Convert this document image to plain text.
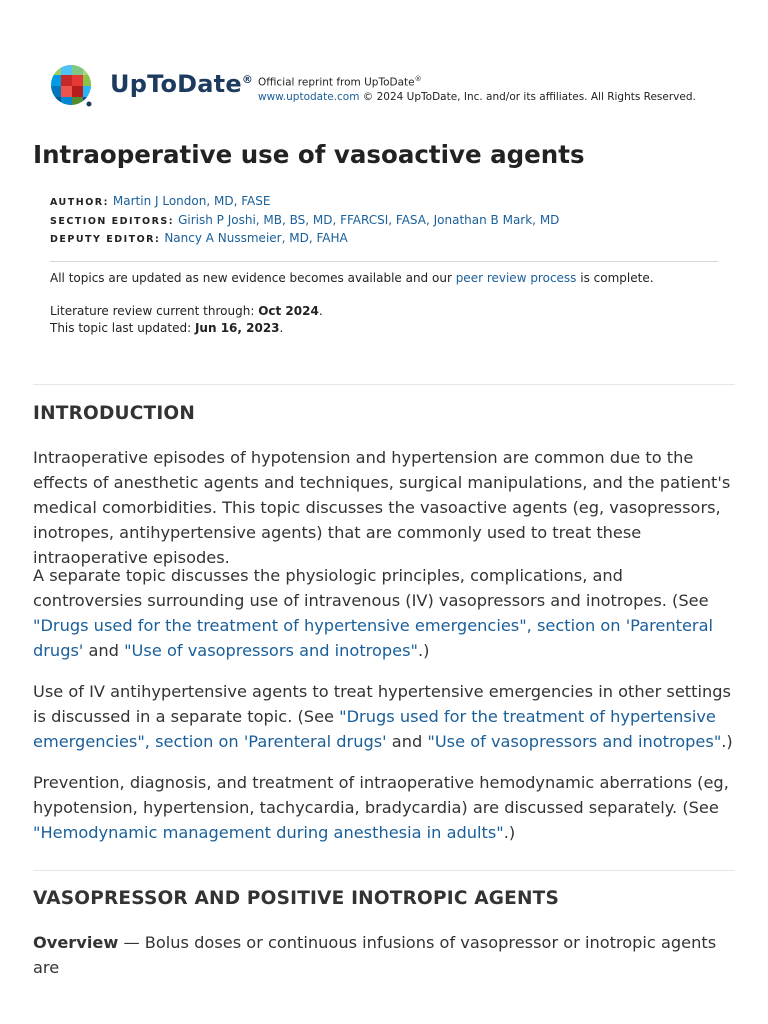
UpToDate® Official reprint from UpToDate®
www.uptodate.com © 2024 UpToDate, Inc. and/or its affiliates. All Rights Reserved.
Intraoperative use of vasoactive agents
AUTHOR: Martin J London, MD, FASE
SECTION EDITORS: Girish P Joshi, MB, BS, MD, FFARCSI, FASA, Jonathan B Mark, MD
DEPUTY EDITOR: Nancy A Nussmeier, MD, FAHA
All topics are updated as new evidence becomes available and our peer review process is complete.
Literature review current through: Oct 2024.
This topic last updated: Jun 16, 2023.
INTRODUCTION

Intraoperative episodes of hypotension and hypertension are common due to the effects of anesthetic agents and techniques, surgical manipulations, and the patient's medical comorbidities. This topic discusses the vasoactive agents (eg, vasopressors, inotropes, antihypertensive agents) that are commonly used to treat these intraoperative episodes.

A separate topic discusses the physiologic principles, complications, and controversies surrounding use of intravenous (IV) vasopressors and inotropes. (See "Drugs used for the treatment of hypertensive emergencies", section on 'Parenteral drugs' and "Use of vasopressors and inotropes".)

Use of IV antihypertensive agents to treat hypertensive emergencies in other settings is discussed in a separate topic. (See "Drugs used for the treatment of hypertensive emergencies", section on 'Parenteral drugs' and "Use of vasopressors and inotropes".)

Prevention, diagnosis, and treatment of intraoperative hemodynamic aberrations (eg, hypotension, hypertension, tachycardia, bradycardia) are discussed separately. (See "Hemodynamic management during anesthesia in adults".)

VASOPRESSOR AND POSITIVE INOTROPIC AGENTS

Overview — Bolus doses or continuous infusions of vasopressor or inotropic agents are
